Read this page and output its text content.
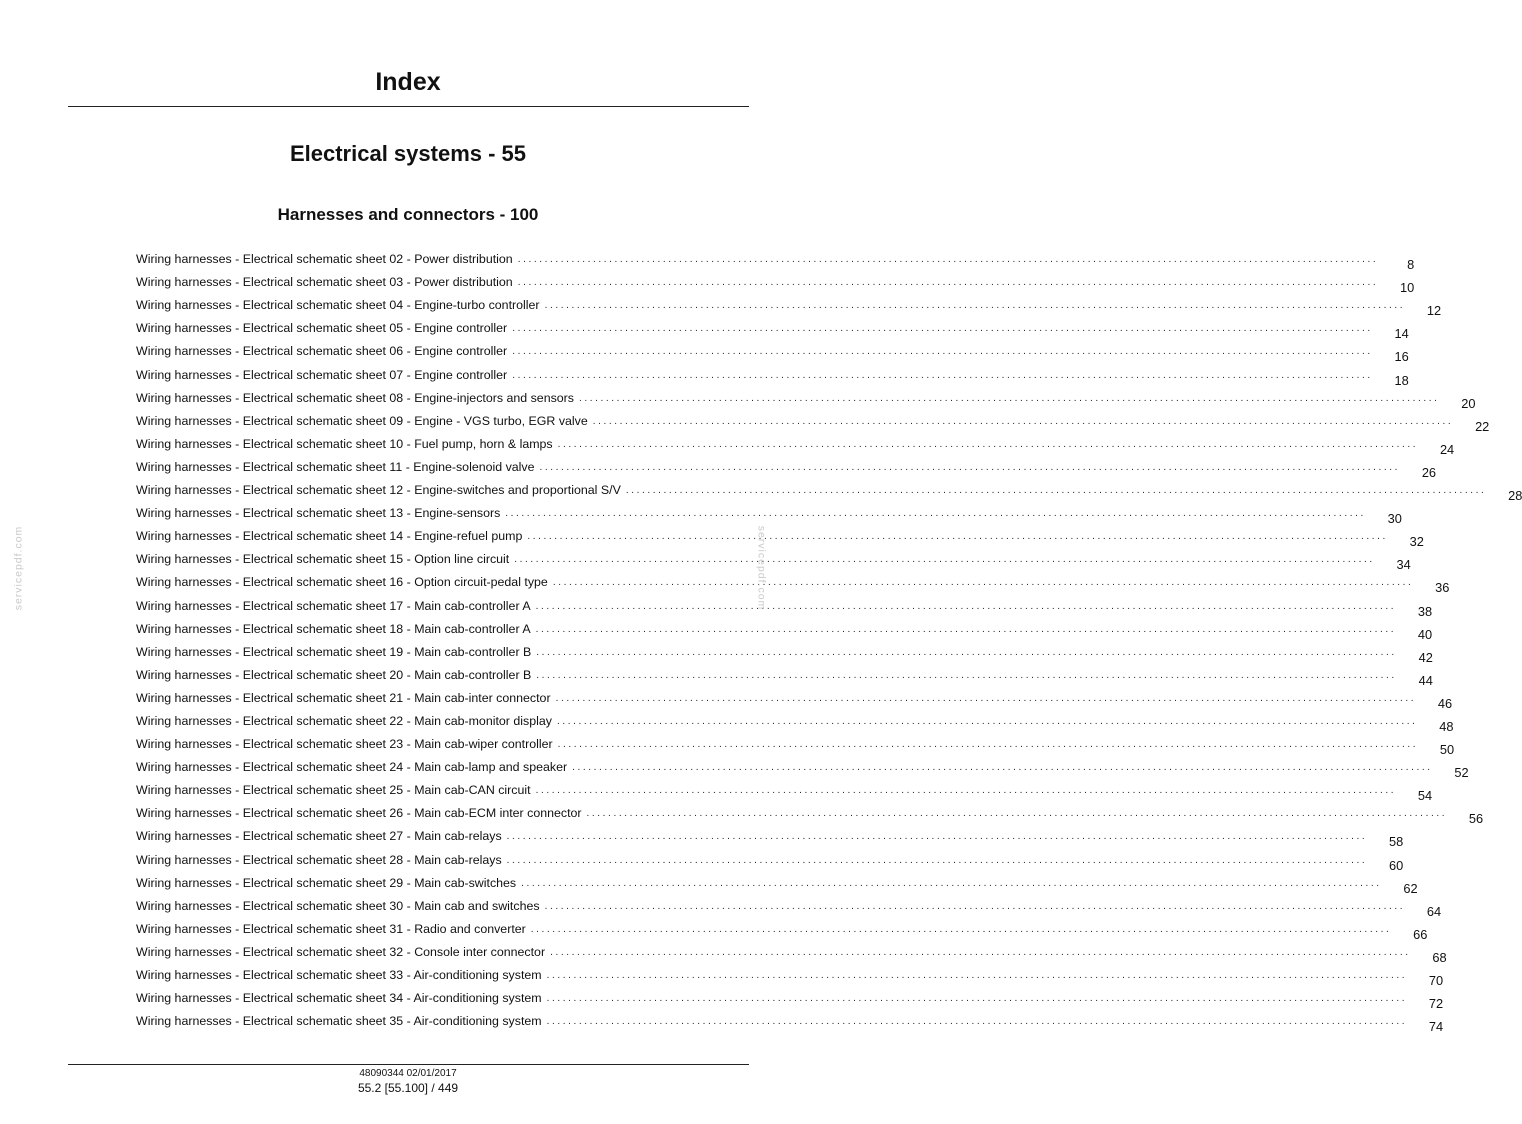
Index
Electrical systems - 55
Harnesses and connectors - 100
Wiring harnesses - Electrical schematic sheet 02 - Power distribution ................................................................................................................................................................	8
Wiring harnesses - Electrical schematic sheet 03 - Power distribution ................................................................................................................................................................	10
Wiring harnesses - Electrical schematic sheet 04 - Engine-turbo controller ................................................................................................................................................................	12
Wiring harnesses - Electrical schematic sheet 05 - Engine controller ................................................................................................................................................................	14
Wiring harnesses - Electrical schematic sheet 06 - Engine controller ................................................................................................................................................................	16
Wiring harnesses - Electrical schematic sheet 07 - Engine controller ................................................................................................................................................................	18
Wiring harnesses - Electrical schematic sheet 08 - Engine-injectors and sensors ................................................................................................................................................................	20
Wiring harnesses - Electrical schematic sheet 09 - Engine - VGS turbo, EGR valve ................................................................................................................................................................	22
Wiring harnesses - Electrical schematic sheet 10 - Fuel pump, horn & lamps ................................................................................................................................................................	24
Wiring harnesses - Electrical schematic sheet 11 - Engine-solenoid valve ................................................................................................................................................................	26
Wiring harnesses - Electrical schematic sheet 12 - Engine-switches and proportional S/V ................................................................................................................................................................	28
Wiring harnesses - Electrical schematic sheet 13 - Engine-sensors ................................................................................................................................................................	30
Wiring harnesses - Electrical schematic sheet 14 - Engine-refuel pump ................................................................................................................................................................	32
Wiring harnesses - Electrical schematic sheet 15 - Option line circuit ................................................................................................................................................................	34
Wiring harnesses - Electrical schematic sheet 16 - Option circuit-pedal type ................................................................................................................................................................	36
Wiring harnesses - Electrical schematic sheet 17 - Main cab-controller A ................................................................................................................................................................	38
Wiring harnesses - Electrical schematic sheet 18 - Main cab-controller A ................................................................................................................................................................	40
Wiring harnesses - Electrical schematic sheet 19 - Main cab-controller B ................................................................................................................................................................	42
Wiring harnesses - Electrical schematic sheet 20 - Main cab-controller B ................................................................................................................................................................	44
Wiring harnesses - Electrical schematic sheet 21 - Main cab-inter connector ................................................................................................................................................................	46
Wiring harnesses - Electrical schematic sheet 22 - Main cab-monitor display ................................................................................................................................................................	48
Wiring harnesses - Electrical schematic sheet 23 - Main cab-wiper controller ................................................................................................................................................................	50
Wiring harnesses - Electrical schematic sheet 24 - Main cab-lamp and speaker ................................................................................................................................................................	52
Wiring harnesses - Electrical schematic sheet 25 - Main cab-CAN circuit ................................................................................................................................................................	54
Wiring harnesses - Electrical schematic sheet 26 - Main cab-ECM inter connector ................................................................................................................................................................	56
Wiring harnesses - Electrical schematic sheet 27 - Main cab-relays ................................................................................................................................................................	58
Wiring harnesses - Electrical schematic sheet 28 - Main cab-relays ................................................................................................................................................................	60
Wiring harnesses - Electrical schematic sheet 29 - Main cab-switches ................................................................................................................................................................	62
Wiring harnesses - Electrical schematic sheet 30 - Main cab and switches ................................................................................................................................................................	64
Wiring harnesses - Electrical schematic sheet 31 - Radio and converter ................................................................................................................................................................	66
Wiring harnesses - Electrical schematic sheet 32 - Console inter connector ................................................................................................................................................................	68
Wiring harnesses - Electrical schematic sheet 33 - Air-conditioning system ................................................................................................................................................................	70
Wiring harnesses - Electrical schematic sheet 34 - Air-conditioning system ................................................................................................................................................................	72
Wiring harnesses - Electrical schematic sheet 35 - Air-conditioning system ................................................................................................................................................................	74
servicepdf.com	servicepdf.com
48090344 02/01/2017
55.2 [55.100] / 449
